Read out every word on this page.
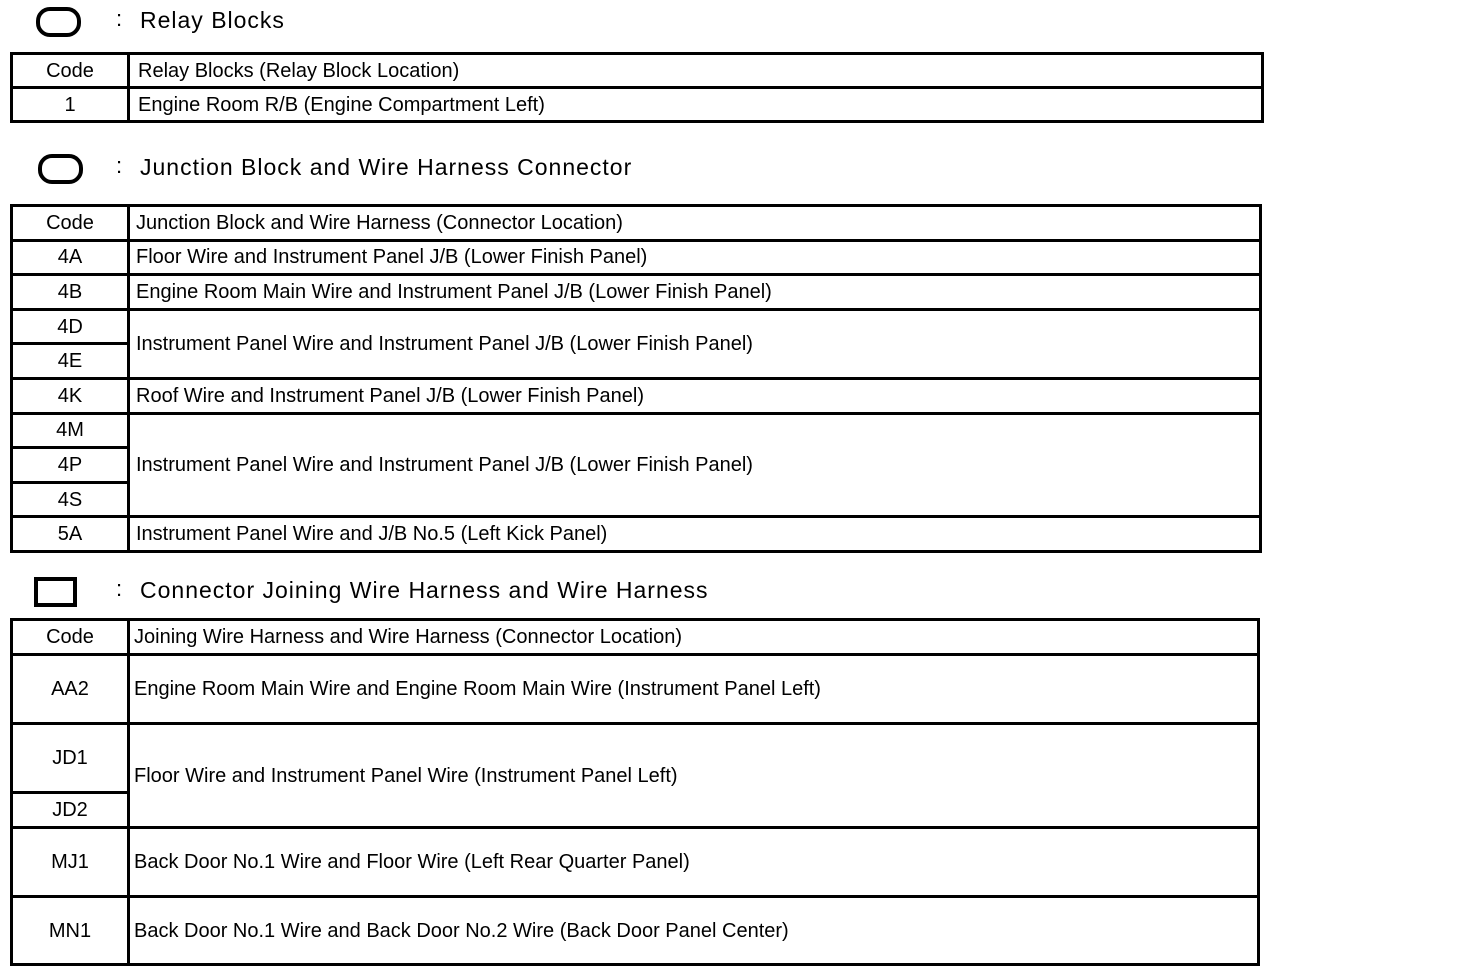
: Relay Blocks
Code	Relay Blocks (Relay Block Location)
1	Engine Room R/B (Engine Compartment Left)
: Junction Block and Wire Harness Connector
Code	Junction Block and Wire Harness (Connector Location)
4A	Floor Wire and Instrument Panel J/B (Lower Finish Panel)
4B	Engine Room Main Wire and Instrument Panel J/B (Lower Finish Panel)
4D	Instrument Panel Wire and Instrument Panel J/B (Lower Finish Panel)
4E	
4K	Roof Wire and Instrument Panel J/B (Lower Finish Panel)
4M	Instrument Panel Wire and Instrument Panel J/B (Lower Finish Panel)
4P	
4S	
5A	Instrument Panel Wire and J/B No.5 (Left Kick Panel)
: Connector Joining Wire Harness and Wire Harness
Code	Joining Wire Harness and Wire Harness (Connector Location)
AA2	Engine Room Main Wire and Engine Room Main Wire (Instrument Panel Left)
JD1	Floor Wire and Instrument Panel Wire (Instrument Panel Left)
JD2	
MJ1	Back Door No.1 Wire and Floor Wire (Left Rear Quarter Panel)
MN1	Back Door No.1 Wire and Back Door No.2 Wire (Back Door Panel Center)
